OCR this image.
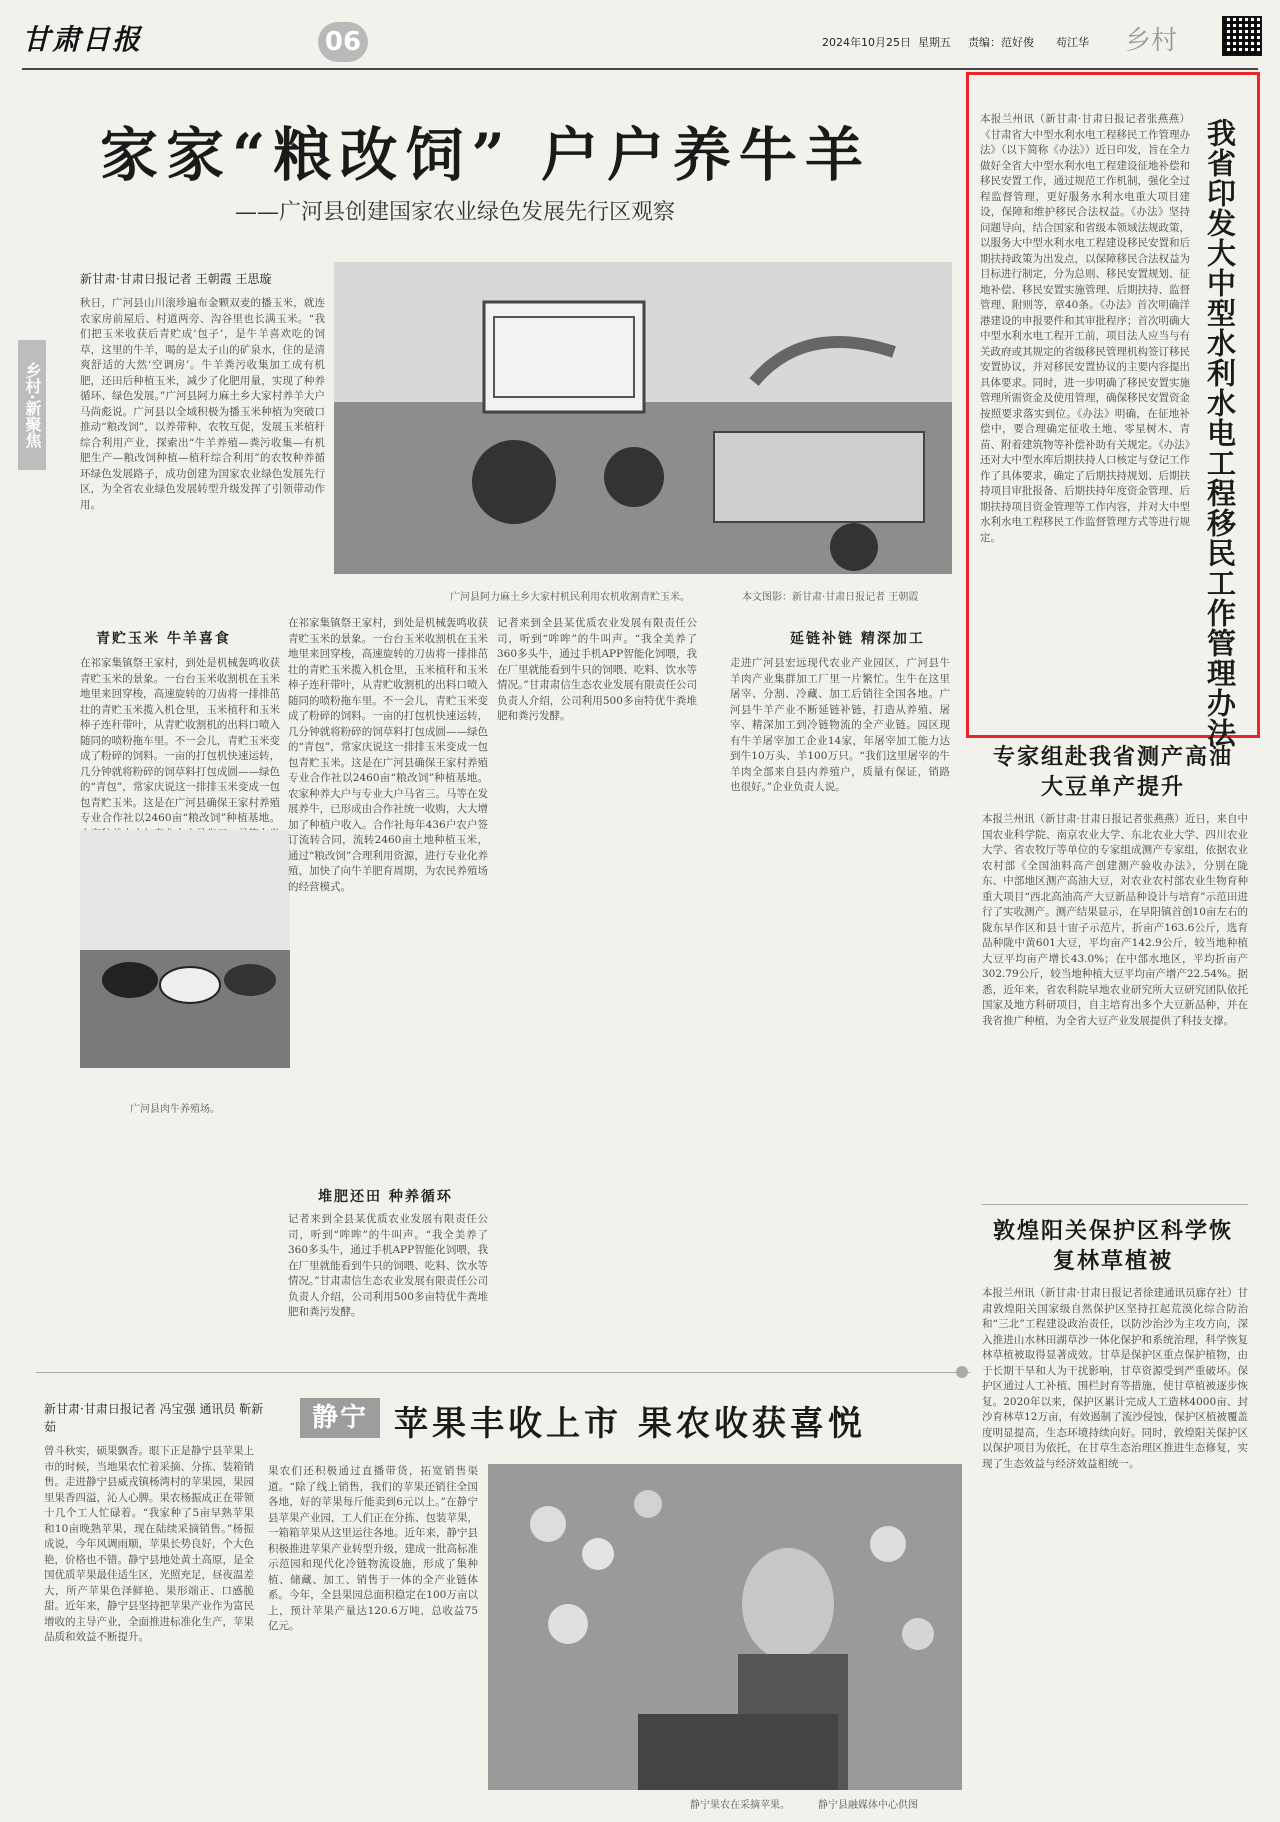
甘肃日报	06	2024年10月25日 星期五 责编：范好俊 苟江华 乡村
家家“粮改饲” 户户养牛羊
——广河县创建国家农业绿色发展先行区观察
乡村·新聚焦
新甘肃·甘肃日报记者 王朝霞 王思璇
秋日，广河县山川滚珍遍布金颗双麦的播玉米，就连农家房前屋后、村道两旁、沟谷里也长满玉米。“我们把玉米收获后青贮成‘包子’，是牛羊喜欢吃的饲草，这里的牛羊，喝的是太子山的矿泉水，住的是清爽舒适的大然‘空调房’。牛羊粪污收集加工成有机肥，还田后种植玉米，减少了化肥用量，实现了种养循环、绿色发展。”广河县阿力麻土乡大家村养羊大户马尚彪说。广河县以全域积极为播玉米种植为突破口推动“粮改饲”，以养带种、农牧互促，发展玉米植秆综合利用产业，探索出“牛羊养殖—粪污收集—有机肥生产—粮改饲种植—植秆综合利用”的农牧种养循环绿色发展路子，成功创建为国家农业绿色发展先行区，为全省农业绿色发展转型升级发挥了引领带动作用。
广河县阿力麻土乡大家村机民利用农机收割青贮玉米。	本文图影：新甘肃·甘肃日报记者 王朝霞
青贮玉米 牛羊喜食
在祁家集镇祭王家村，到处是机械轰鸣收获青贮玉米的景象。一台台玉米收割机在玉米地里来回穿梭，高速旋转的刀齿将一排排茁壮的青贮玉米揽入机仓里，玉米植秆和玉米棒子连秆带叶，从青贮收割机的出料口喷入随同的喷粉拖车里。不一会儿，青贮玉米变成了粉碎的饲料。一亩的打包机快速运转，几分钟就将粉碎的饲草料打包成圆——绿色的“青包”，常家庆说这一排排玉米变成一包包青贮玉米。这是在广河县确保王家村养殖专业合作社以2460亩“粮改饲”种植基地。
广河县肉牛养殖场。
在祁家集镇祭王家村，到处是机械轰鸣收获青贮玉米的景象。一台台玉米收割机在玉米地里来回穿梭，高速旋转的刀齿将一排排茁壮的青贮玉米揽入机仓里，玉米植秆和玉米棒子连秆带叶，从青贮收割机的出料口喷入随同的喷粉拖车里。不一会儿，青贮玉米变成了粉碎的饲料。一亩的打包机快速运转，几分钟就将粉碎的饲草料打包成圆——绿色的“青包”，常家庆说这一排排玉米变成一包包青贮玉米。这是在广河县确保王家村养殖专业合作社以2460亩“粮改饲”种植基地。农家种养大户与专业大户马省三。马等在发展养牛，已形成由合作社统一收购，大大增加了种植户收入。合作社每年436户农户签订流转合同，流转2460亩土地种植玉米，通过“粮改饲”合理利用资源，进行专业化养殖，加快了向牛羊肥育周期，为农民养殖场的经营模式。
堆肥还田 种养循环
记者来到全县某优质农业发展有限责任公司，听到“哞哞”的牛叫声。“我全美养了360多头牛，通过手机APP智能化饲喂，我在厂里就能看到牛只的饲喂、吃料、饮水等情况。”甘肃肃信生态农业发展有限责任公司负责人介绍，公司利用500多亩特优牛粪堆肥和粪污发酵。
记者来到全县某优质农业发展有限责任公司，听到“哞哞”的牛叫声。“我全美养了360多头牛，通过手机APP智能化饲喂，我在厂里就能看到牛只的饲喂、吃料、饮水等情况。”甘肃肃信生态农业发展有限责任公司负责人介绍，公司利用500多亩特优牛粪堆肥和粪污发酵。
延链补链 精深加工
走进广河县宏远现代农业产业园区，广河县牛羊肉产业集群加工厂里一片繁忙。生牛在这里屠宰、分割、冷藏、加工后销往全国各地。广河县牛羊产业不断延链补链，打造从养殖、屠宰、精深加工到冷链物流的全产业链。园区现有牛羊屠宰加工企业14家，年屠宰加工能力达到牛10万头、羊100万只。“我们这里屠宰的牛羊肉全部来自县内养殖户，质量有保证，销路也很好。”企业负责人说。
我省印发大中型水利水电工程移民工作管理办法
本报兰州讯（新甘肃·甘肃日报记者张燕燕）《甘肃省大中型水利水电工程移民工作管理办法》（以下简称《办法》）近日印发，旨在全力做好全省大中型水利水电工程建设征地补偿和移民安置工作，通过规范工作机制，强化全过程监督管理，更好服务水利水电重大项目建设，保障和维护移民合法权益。《办法》坚持问题导向，结合国家和省级本领域法规政策，以服务大中型水利水电工程建设移民安置和后期扶持政策为出发点，以保障移民合法权益为目标进行制定，分为总则、移民安置规划、征地补偿、移民安置实施管理、后期扶持、监督管理、附则等，章40条。《办法》首次明确洋港建设的申报要件和其审批程序；首次明确大中型水利水电工程开工前，项目法人应当与有关政府或其规定的省级移民管理机构签订移民安置协议，并对移民安置协议的主要内容提出具体要求。同时，进一步明确了移民安置实施管理所需资金及使用管理，确保移民安置资金按照要求落实到位。《办法》明确，在征地补偿中，要合理确定征收土地、零星树木、青苗、附着建筑物等补偿补助有关规定。《办法》还对大中型水库后期扶持人口核定与登记工作作了具体要求，确定了后期扶持规划、后期扶持项目审批报备、后期扶持年度资金管理、后期扶持项目资金管理等工作内容，并对大中型水利水电工程移民工作监督管理方式等进行规定。
专家组赴我省测产高油大豆单产提升
本报兰州讯（新甘肃·甘肃日报记者张燕燕）近日，来自中国农业科学院、南京农业大学、东北农业大学、四川农业大学、省农牧厅等单位的专家组成测产专家组，依据农业农村部《全国油料高产创建测产验收办法》，分别在陇东、中部地区测产高油大豆，对农业农村部农业生物育种重大项目“西北高油高产大豆新品种设计与培育”示范田进行了实收测产。测产结果显示，在早阳镇首创10亩左右的陇东早作区和县十宙子示范片，折亩产163.6公斤，选育品种陇中黄601大豆，平均亩产142.9公斤，较当地种植大豆平均亩产增长43.0%；在中部水地区，平均折亩产302.79公斤，较当地种植大豆平均亩产增产22.54%。据悉，近年来，省农科院早地农业研究所大豆研究团队依托国家及地方科研项目，自主培育出多个大豆新品种，并在我省推广种植，为全省大豆产业发展提供了科技支撑。
敦煌阳关保护区科学恢复林草植被
本报兰州讯（新甘肃·甘肃日报记者徐建通讯员廊存社）甘肃敦煌阳关国家级自然保护区坚持扛起荒漠化综合防治和“三北”工程建设政治责任，以防沙治沙为主攻方向，深入推进山水林田湖草沙一体化保护和系统治理，科学恢复林草植被取得显著成效。甘草是保护区重点保护植物，由于长期干旱和人为干扰影响，甘草资源受到严重破坏。保护区通过人工补植、围栏封育等措施，使甘草植被逐步恢复。2020年以来，保护区累计完成人工造林4000亩、封沙育林草12万亩，有效遏制了流沙侵蚀，保护区植被覆盖度明显提高，生态环境持续向好。同时，敦煌阳关保护区以保护项目为依托，在甘草生态治理区推进生态修复，实现了生态效益与经济效益相统一。
静宁 苹果丰收上市 果农收获喜悦
新甘肃·甘肃日报记者 冯宝强 通讯员 靳新茹
曾斗秋实，硕果飘香。眼下正是静宁县苹果上市的时候，当地果农忙着采摘、分拣、装箱销售。走进静宁县威戎镇杨湾村的苹果园，果园里果香四溢，沁人心脾。果农杨振成正在带领十几个工人忙碌着。“我家种了5亩早熟苹果和10亩晚熟苹果，现在陆续采摘销售。”杨振成说，今年风调雨顺，苹果长势良好，个大色艳，价格也不错。静宁县地处黄土高原，是全国优质苹果最佳适生区，光照充足，昼夜温差大，所产苹果色泽鲜艳、果形端正、口感脆甜。近年来，静宁县坚持把苹果产业作为富民增收的主导产业，全面推进标准化生产，苹果品质和效益不断提升。
果农们还积极通过直播带货，拓宽销售渠道。“除了线上销售，我们的苹果还销往全国各地，好的苹果每斤能卖到6元以上。”在静宁县苹果产业园，工人们正在分拣、包装苹果，一箱箱苹果从这里运往各地。近年来，静宁县积极推进苹果产业转型升级，建成一批高标准示范园和现代化冷链物流设施，形成了集种植、储藏、加工、销售于一体的全产业链体系。今年，全县果园总面积稳定在100万亩以上，预计苹果产量达120.6万吨，总收益75亿元。
静宁果农在采摘苹果。	静宁县融媒体中心供图
